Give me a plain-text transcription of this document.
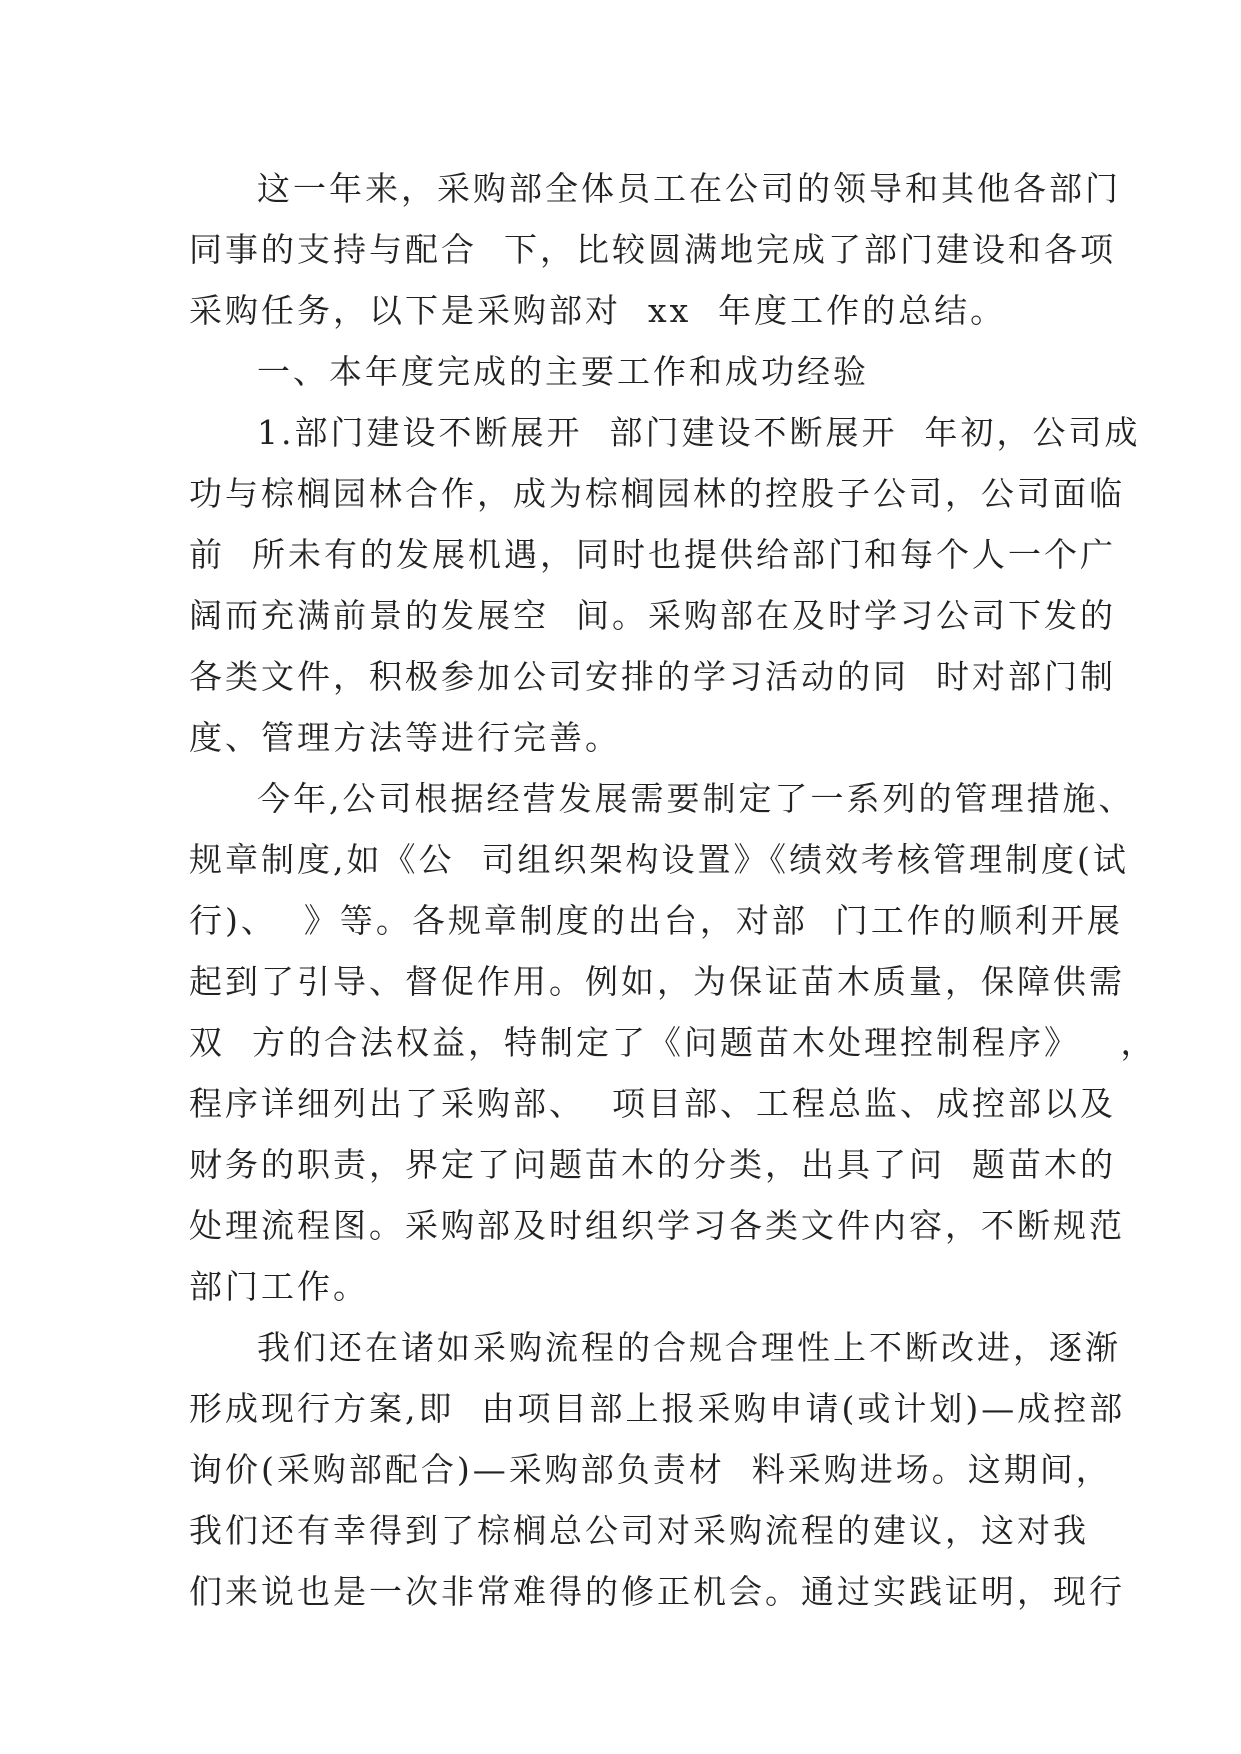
这一年来，采购部全体员工在公司的领导和其他各部门
同事的支持与配合  下，比较圆满地完成了部门建设和各项
采购任务，以下是采购部对  xx  年度工作的总结。
一、本年度完成的主要工作和成功经验
1.部门建设不断展开  部门建设不断展开  年初，公司成
功与棕榈园林合作，成为棕榈园林的控股子公司，公司面临
前  所未有的发展机遇，同时也提供给部门和每个人一个广
阔而充满前景的发展空  间。采购部在及时学习公司下发的
各类文件，积极参加公司安排的学习活动的同  时对部门制
度、管理方法等进行完善。
今年,公司根据经营发展需要制定了一系列的管理措施、
规章制度,如《公  司组织架构设置》《绩效考核管理制度(试
行)、  》等。各规章制度的出台，对部  门工作的顺利开展
起到了引导、督促作用。例如，为保证苗木质量，保障供需
双  方的合法权益，特制定了《问题苗木处理控制程序》   ，
程序详细列出了采购部、  项目部、工程总监、成控部以及
财务的职责，界定了问题苗木的分类，出具了问  题苗木的
处理流程图。采购部及时组织学习各类文件内容，不断规范
部门工作。
我们还在诸如采购流程的合规合理性上不断改进，逐渐
形成现行方案,即  由项目部上报采购申请(或计划)—成控部
询价(采购部配合)—采购部负责材  料采购进场。这期间，
我们还有幸得到了棕榈总公司对采购流程的建议，这对我
们来说也是一次非常难得的修正机会。通过实践证明，现行
